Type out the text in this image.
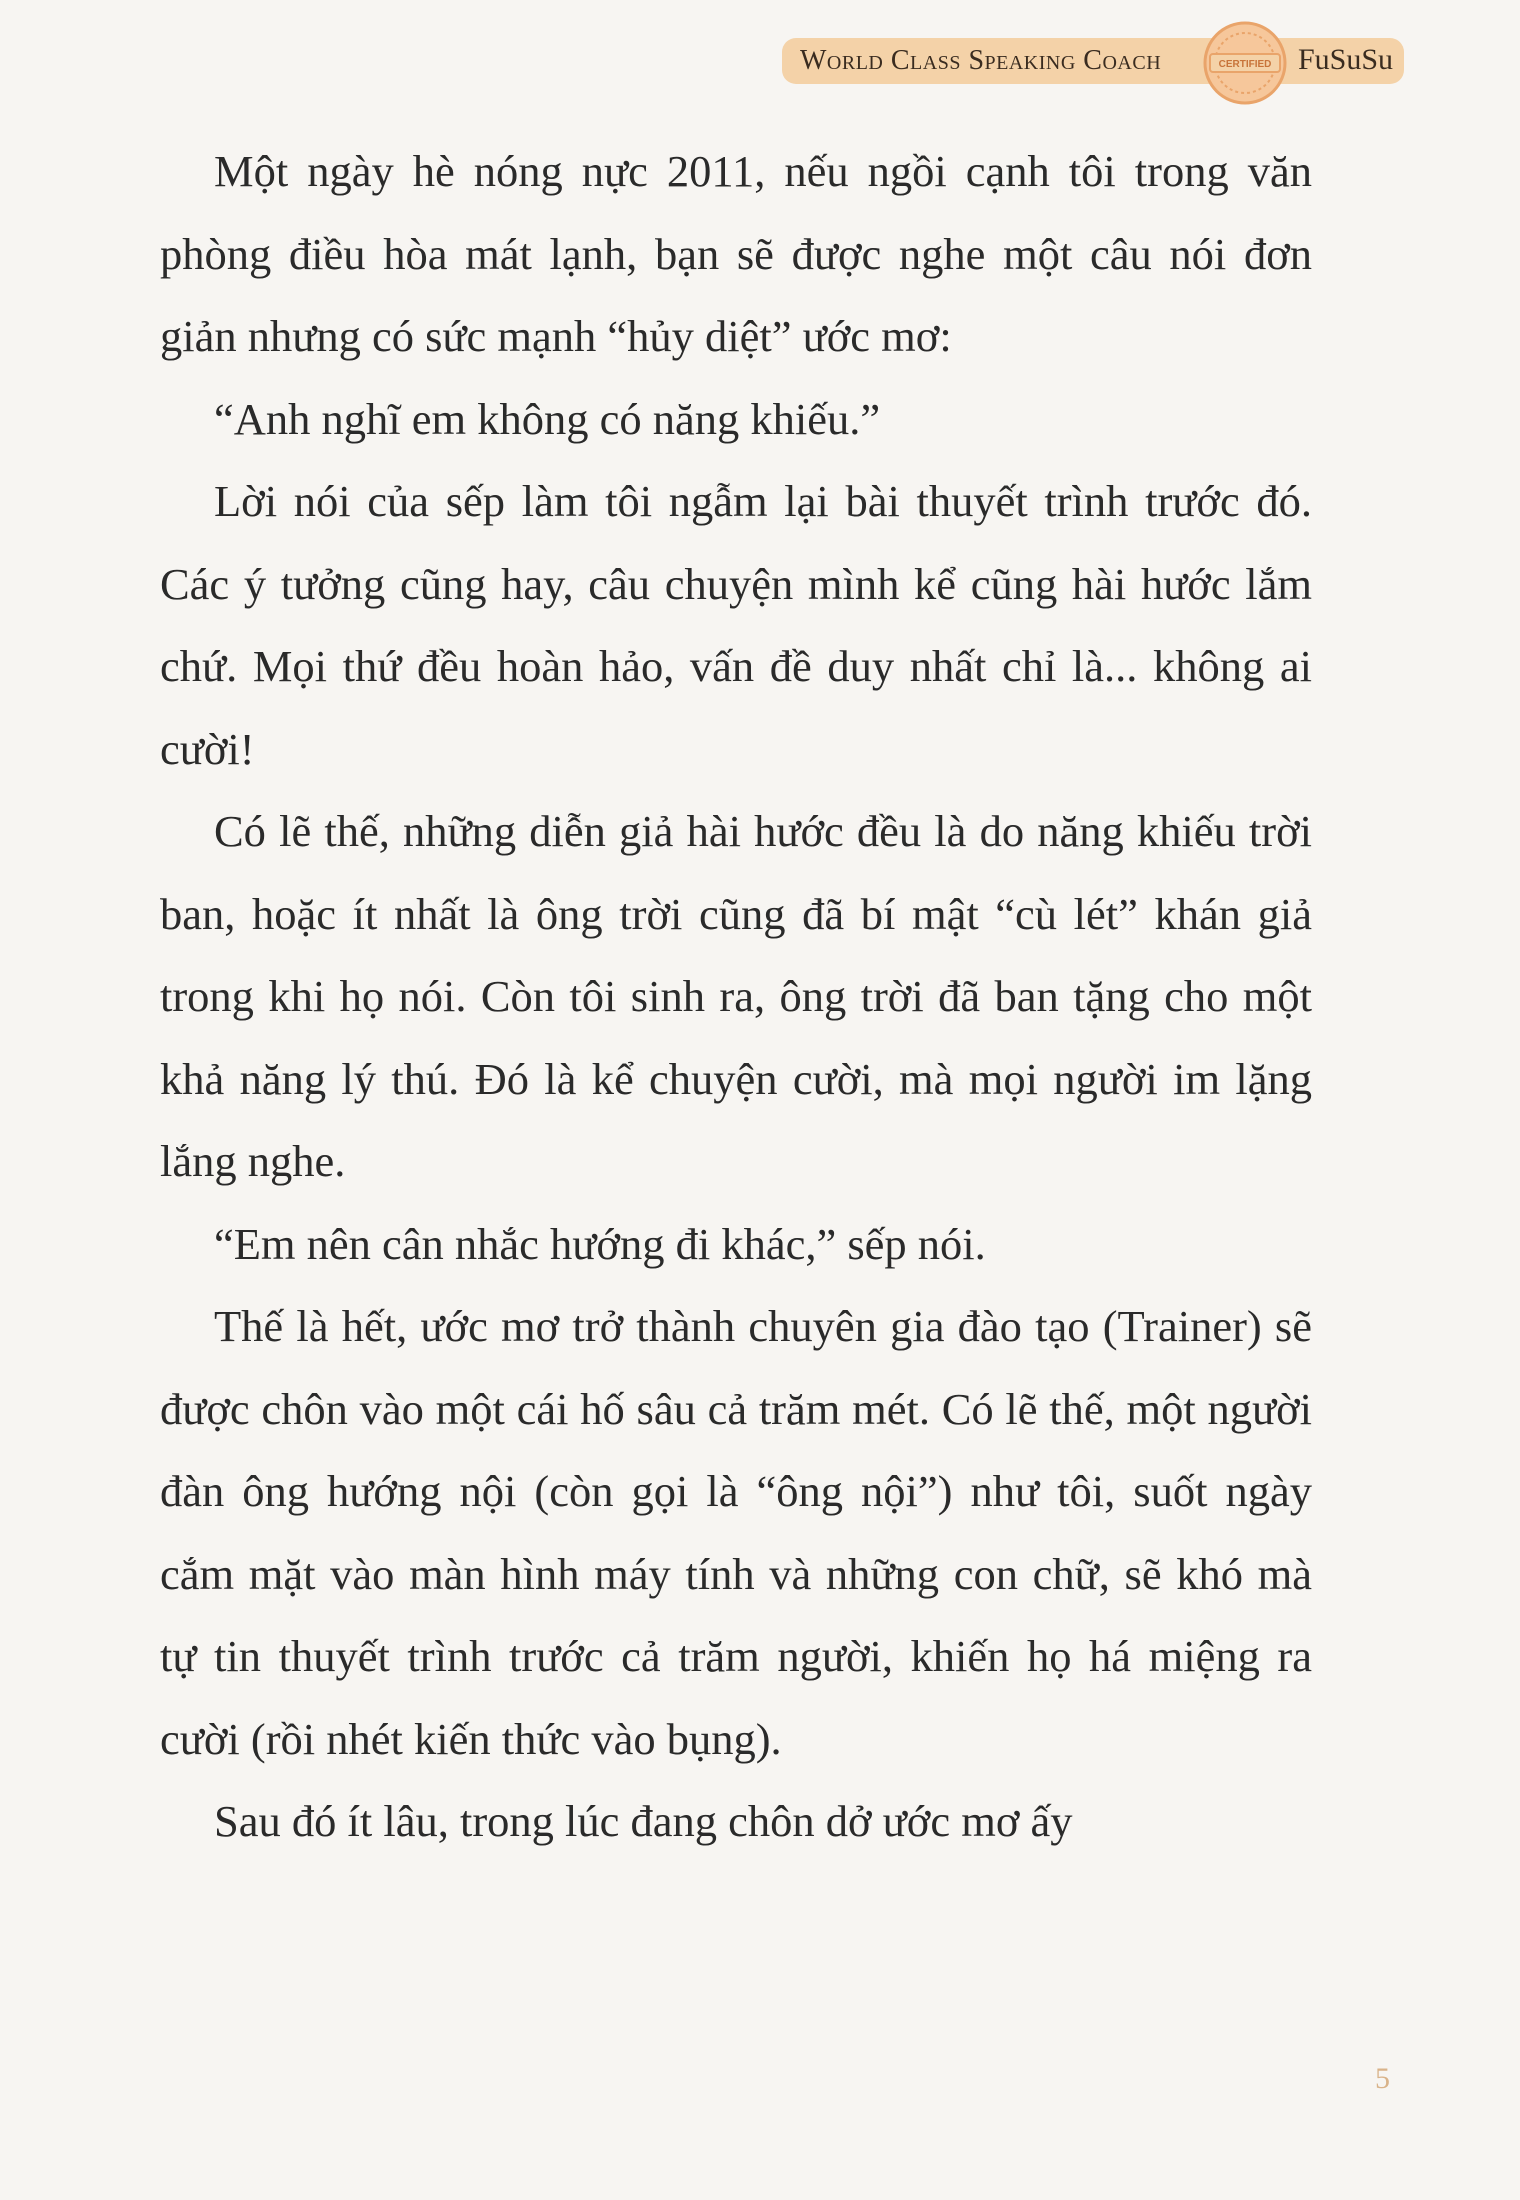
World Class Speaking Coach	CERTIFIED FuSuSu

Một ngày hè nóng nực 2011, nếu ngồi cạnh tôi trong văn phòng điều hòa mát lạnh, bạn sẽ được nghe một câu nói đơn giản nhưng có sức mạnh “hủy diệt” ước mơ:

“Anh nghĩ em không có năng khiếu.”

Lời nói của sếp làm tôi ngẫm lại bài thuyết trình trước đó. Các ý tưởng cũng hay, câu chuyện mình kể cũng hài hước lắm chứ. Mọi thứ đều hoàn hảo, vấn đề duy nhất chỉ là... không ai cười!

Có lẽ thế, những diễn giả hài hước đều là do năng khiếu trời ban, hoặc ít nhất là ông trời cũng đã bí mật “cù lét” khán giả trong khi họ nói. Còn tôi sinh ra, ông trời đã ban tặng cho một khả năng lý thú. Đó là kể chuyện cười, mà mọi người im lặng lắng nghe.

“Em nên cân nhắc hướng đi khác,” sếp nói.

Thế là hết, ước mơ trở thành chuyên gia đào tạo (Trainer) sẽ được chôn vào một cái hố sâu cả trăm mét. Có lẽ thế, một người đàn ông hướng nội (còn gọi là “ông nội”) như tôi, suốt ngày cắm mặt vào màn hình máy tính và những con chữ, sẽ khó mà tự tin thuyết trình trước cả trăm người, khiến họ há miệng ra cười (rồi nhét kiến thức vào bụng).

Sau đó ít lâu, trong lúc đang chôn dở ước mơ ấy

5
